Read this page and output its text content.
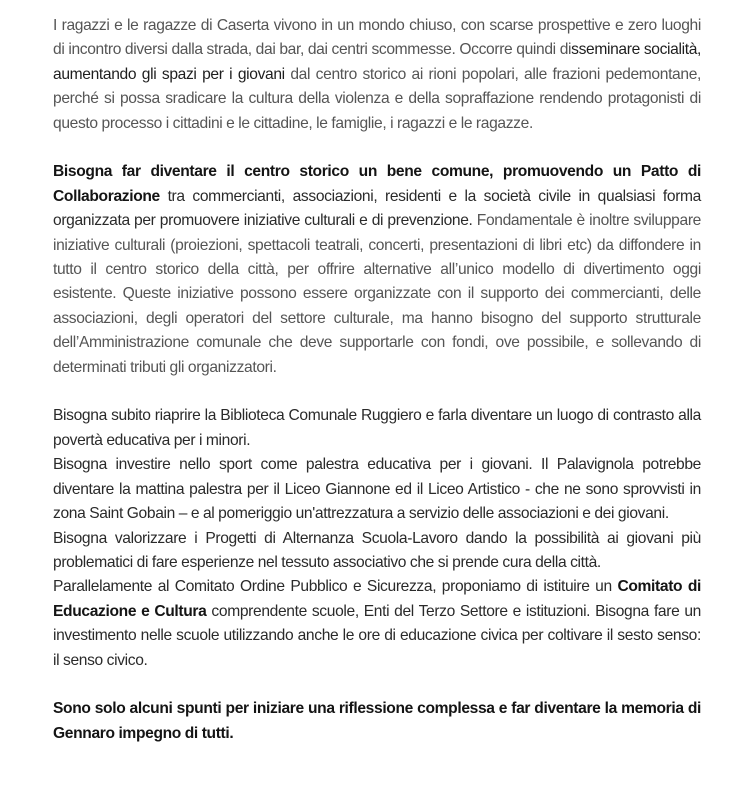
I ragazzi e le ragazze di Caserta vivono in un mondo chiuso, con scarse prospettive e zero luoghi di incontro diversi dalla strada, dai bar, dai centri scommesse. Occorre quindi disseminare socialità, aumentando gli spazi per i giovani dal centro storico ai rioni popolari, alle frazioni pedemontane, perché si possa sradicare la cultura della violenza e della sopraffazione rendendo protagonisti di questo processo i cittadini e le cittadine, le famiglie, i ragazzi e le ragazze.

Bisogna far diventare il centro storico un bene comune, promuovendo un Patto di Collaborazione tra commercianti, associazioni, residenti e la società civile in qualsiasi forma organizzata per promuovere iniziative culturali e di prevenzione. Fondamentale è inoltre sviluppare iniziative culturali (proiezioni, spettacoli teatrali, concerti, presentazioni di libri etc) da diffondere in tutto il centro storico della città, per offrire alternative all’unico modello di divertimento oggi esistente. Queste iniziative possono essere organizzate con il supporto dei commercianti, delle associazioni, degli operatori del settore culturale, ma hanno bisogno del supporto strutturale dell’Amministrazione comunale che deve supportarle con fondi, ove possibile, e sollevando di determinati tributi gli organizzatori.

Bisogna subito riaprire la Biblioteca Comunale Ruggiero e farla diventare un luogo di contrasto alla povertà educativa per i minori.

Bisogna investire nello sport come palestra educativa per i giovani. Il Palavignola potrebbe diventare la mattina palestra per il Liceo Giannone ed il Liceo Artistico - che ne sono sprovvisti in zona Saint Gobain – e al pomeriggio un'attrezzatura a servizio delle associazioni e dei giovani.

Bisogna valorizzare i Progetti di Alternanza Scuola-Lavoro dando la possibilità ai giovani più problematici di fare esperienze nel tessuto associativo che si prende cura della città.

Parallelamente al Comitato Ordine Pubblico e Sicurezza, proponiamo di istituire un Comitato di Educazione e Cultura comprendente scuole, Enti del Terzo Settore e istituzioni. Bisogna fare un investimento nelle scuole utilizzando anche le ore di educazione civica per coltivare il sesto senso: il senso civico.

Sono solo alcuni spunti per iniziare una riflessione complessa e far diventare la memoria di Gennaro impegno di tutti.
